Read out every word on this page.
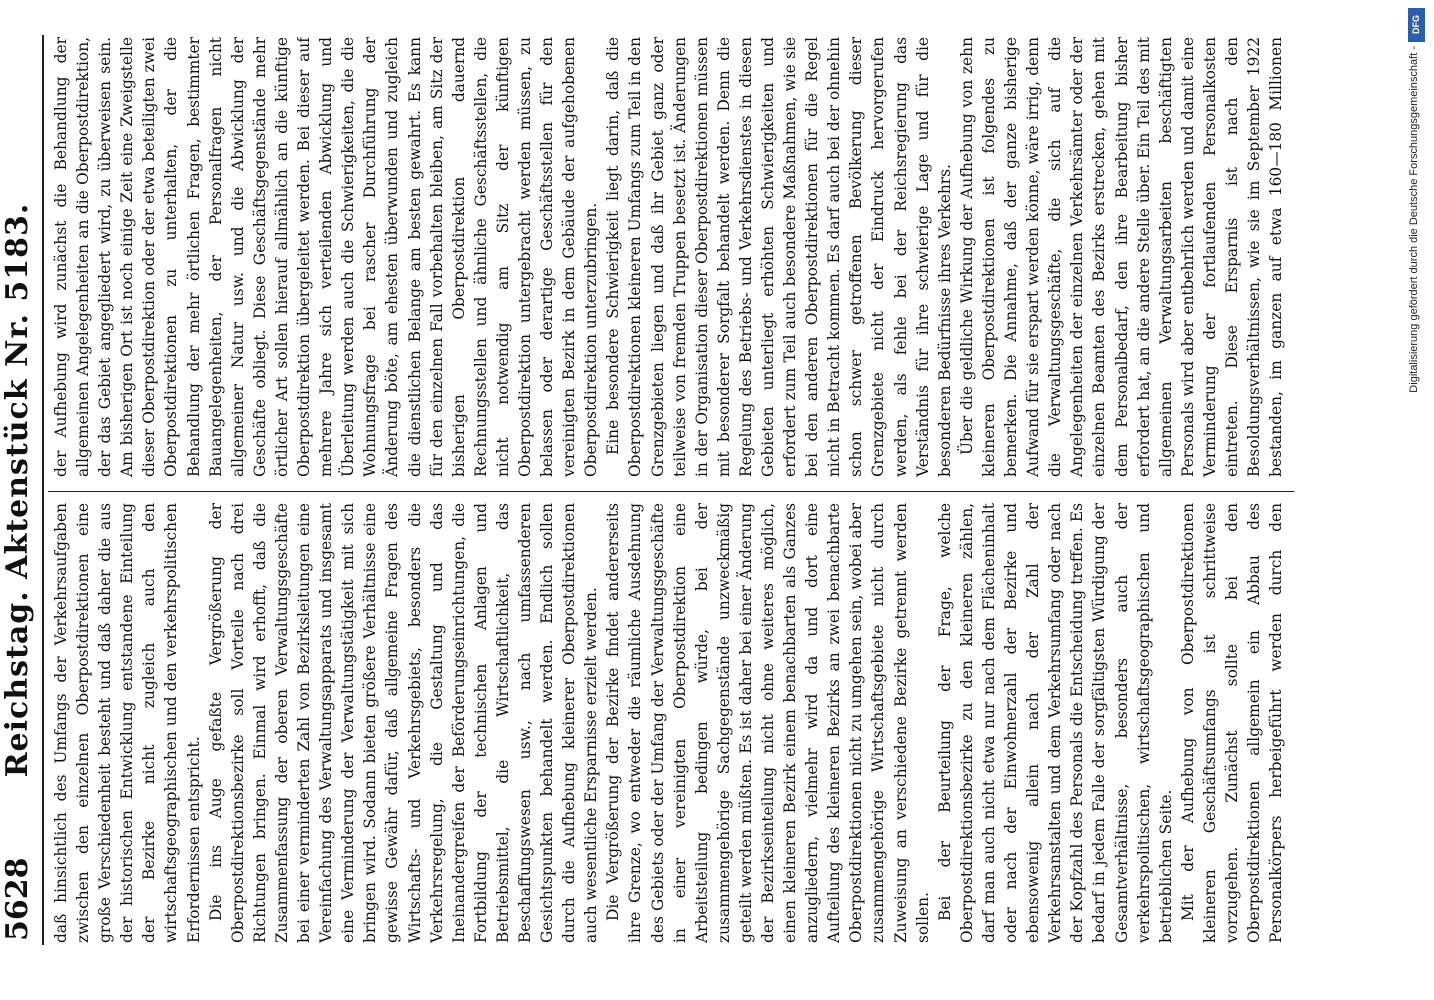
5628
Reichstag. Aktenstück Nr. 5183. daß hinsichtlich des Umfangs der Verkehrsaufgaben zwischen den einzelnen Oberpostdirektionen eine große Verschiedenheit besteht und daß daher die aus der historischen Entwicklung entstandene Einteilung der Bezirke nicht zugleich auch den wirtschaftsgeographischen und den verkehrspolitischen Erfordernissen entspricht. Die ins Auge gefaßte Vergrößerung der Oberpostdirektionsbezirke soll Vorteile nach drei Richtungen bringen. Einmal wird erhofft, daß die Zusammenfassung der oberen Verwaltungsgeschäfte bei einer verminderten Zahl von Bezirksleitungen eine Vereinfachung des Verwaltungsapparats und insgesamt eine Verminderung der Verwaltungstätigkeit mit sich bringen wird. Sodann bieten größere Verhältnisse eine gewisse Gewähr dafür, daß allgemeine Fragen des Wirtschafts- und Verkehrsgebiets, besonders die Verkehrsregelung, die Gestaltung und das Ineinandergreifen der Beförderungseinrichtungen, die Fortbildung der technischen Anlagen und Betriebsmittel, die Wirtschaftlichkeit, das Beschaffungswesen usw., nach umfassenderen Gesichtspunkten behandelt werden. Endlich sollen durch die Aufhebung kleinerer Oberpostdirektionen auch wesentliche Ersparnisse erzielt werden. Die Vergrößerung der Bezirke findet andererseits ihre Grenze, wo entweder die räumliche Ausdehnung des Gebiets oder der Umfang der Verwaltungsgeschäfte in einer vereinigten Oberpostdirektion eine Arbeitsteilung bedingen würde, bei der zusammengehörige Sachgegenstände unzweckmäßig geteilt werden müßten. Es ist daher bei einer Änderung der Bezirkseinteilung nicht ohne weiteres möglich, einen kleineren Bezirk einem benachbarten als Ganzes anzugliedern, vielmehr wird da und dort eine Aufteilung des kleineren Bezirks an zwei benachbarte Oberpostdirektionen nicht zu umgehen sein, wobei aber zusammengehörige Wirtschaftsgebiete nicht durch Zuweisung an verschiedene Bezirke getrennt werden sollen. Bei der Beurteilung der Frage, welche Oberpostdirektionsbezirke zu den kleineren zählen, darf man auch nicht etwa nur nach dem Flächeninhalt oder nach der Einwohnerzahl der Bezirke und ebensowenig allein nach der Zahl der Verkehrsanstalten und dem Verkehrsumfang oder nach der Kopfzahl des Personals die Entscheidung treffen. Es bedarf in jedem Falle der sorgfältigsten Würdigung der Gesamtverhältnisse, besonders auch der verkehrspolitischen, wirtschaftsgeographischen und betrieblichen Seite. Mit der Aufhebung von Oberpostdirektionen kleineren Geschäftsumfangs ist schrittweise vorzugehen. Zunächst sollte bei den Oberpostdirektionen allgemein ein Abbau des Personalkörpers herbeigeführt werden durch den

der Aufhebung wird zunächst die Behandlung der allgemeinen Angelegenheiten an die Oberpostdirektion, der das Gebiet angegliedert wird, zu überweisen sein. Am bisherigen Ort ist noch einige Zeit eine Zweigstelle dieser Oberpostdirektion oder der etwa beteiligten zwei Oberpostdirektionen zu unterhalten, der die Behandlung der mehr örtlichen Fragen, bestimmter Bauangelegenheiten, der Personalfragen nicht allgemeiner Natur usw. und die Abwicklung der Geschäfte obliegt. Diese Geschäftsgegenstände mehr örtlicher Art sollen hierauf allmählich an die künftige Oberpostdirektion übergeleitet werden. Bei dieser auf mehrere Jahre sich verteilenden Abwicklung und Überleitung werden auch die Schwierigkeiten, die die Wohnungsfrage bei rascher Durchführung der Änderung böte, am ehesten überwunden und zugleich die dienstlichen Belange am besten gewahrt. Es kann für den einzelnen Fall vorbehalten bleiben, am Sitz der bisherigen Oberpostdirektion dauernd Rechnungsstellen und ähnliche Geschäftsstellen, die nicht notwendig am Sitz der künftigen Oberpostdirektion untergebracht werden müssen, zu belassen oder derartige Geschäftsstellen für den vereinigten Bezirk in dem Gebäude der aufgehobenen Oberpostdirektion unterzubringen. Eine besondere Schwierigkeit liegt darin, daß die Oberpostdirektionen kleineren Umfangs zum Teil in den Grenzgebieten liegen und daß ihr Gebiet ganz oder teilweise von fremden Truppen besetzt ist. Änderungen in der Organisation dieser Oberpostdirektionen müssen mit besonderer Sorgfalt behandelt werden. Denn die Regelung des Betriebs- und Verkehrsdienstes in diesen Gebieten unterliegt erhöhten Schwierigkeiten und erfordert zum Teil auch besondere Maßnahmen, wie sie bei den anderen Oberpostdirektionen für die Regel nicht in Betracht kommen. Es darf auch bei der ohnehin schon schwer getroffenen Bevölkerung dieser Grenzgebiete nicht der Eindruck hervorgerufen werden, als fehle bei der Reichsregierung das Verständnis für ihre schwierige Lage und für die besonderen Bedürfnisse ihres Verkehrs. Über die geldliche Wirkung der Aufhebung von zehn kleineren Oberpostdirektionen ist folgendes zu bemerken. Die Annahme, daß der ganze bisherige Aufwand für sie erspart werden könne, wäre irrig, denn die Verwaltungsgeschäfte, die sich auf die Angelegenheiten der einzelnen Verkehrsämter oder der einzelnen Beamten des Bezirks erstrecken, gehen mit dem Personalbedarf, den ihre Bearbeitung bisher erfordert hat, an die andere Stelle über. Ein Teil des mit allgemeinen Verwaltungsarbeiten beschäftigten Personals wird aber entbehrlich werden und damit eine Verminderung der fortlaufenden Personalkosten eintreten. Diese Ersparnis ist nach den Besoldungsverhältnissen, wie sie im September 1922 bestanden, im ganzen auf etwa 160—180 Millionen

DFG
Digitalisierung gefördert durch die Deutsche Forschungsgemeinschaft -
